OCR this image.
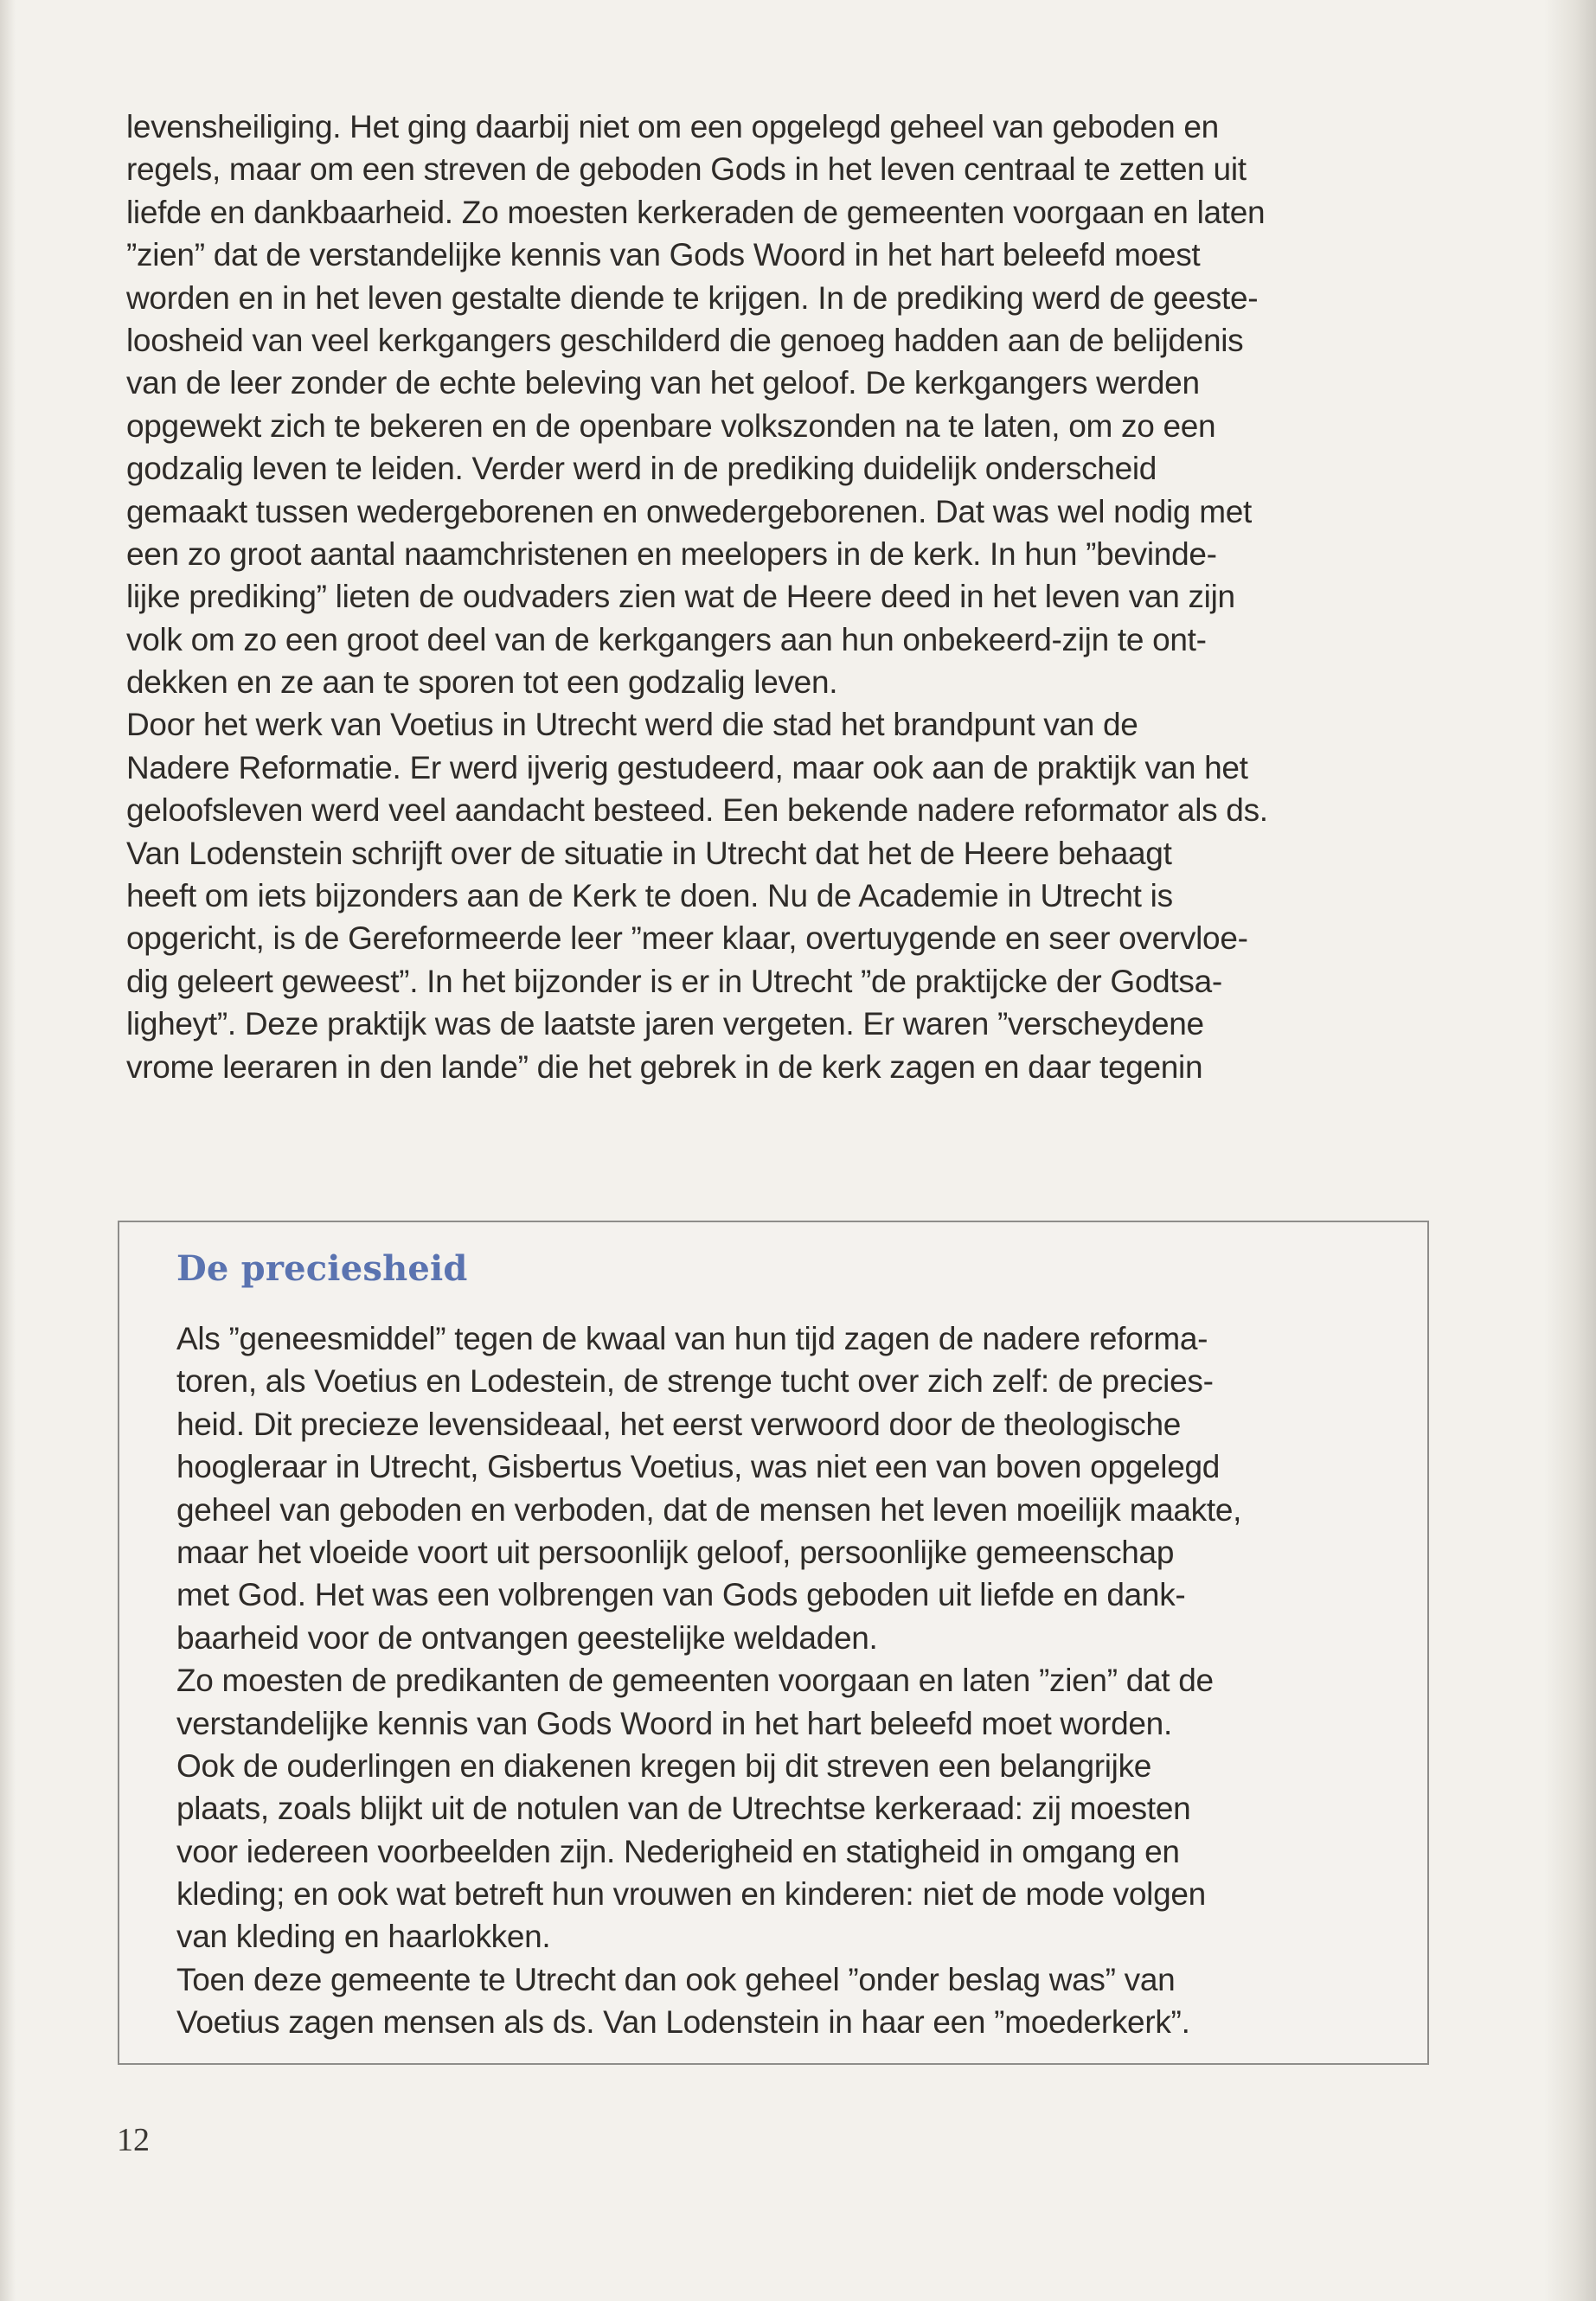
levensheiliging. Het ging daarbij niet om een opgelegd geheel van geboden en
regels, maar om een streven de geboden Gods in het leven centraal te zetten uit
liefde en dankbaarheid. Zo moesten kerkeraden de gemeenten voorgaan en laten
”zien” dat de verstandelijke kennis van Gods Woord in het hart beleefd moest
worden en in het leven gestalte diende te krijgen. In de prediking werd de geeste-
loosheid van veel kerkgangers geschilderd die genoeg hadden aan de belijdenis
van de leer zonder de echte beleving van het geloof. De kerkgangers werden
opgewekt zich te bekeren en de openbare volkszonden na te laten, om zo een
godzalig leven te leiden. Verder werd in de prediking duidelijk onderscheid
gemaakt tussen wedergeborenen en onwedergeborenen. Dat was wel nodig met
een zo groot aantal naamchristenen en meelopers in de kerk. In hun ”bevinde-
lijke prediking” lieten de oudvaders zien wat de Heere deed in het leven van zijn
volk om zo een groot deel van de kerkgangers aan hun onbekeerd-zijn te ont-
dekken en ze aan te sporen tot een godzalig leven.
Door het werk van Voetius in Utrecht werd die stad het brandpunt van de
Nadere Reformatie. Er werd ijverig gestudeerd, maar ook aan de praktijk van het
geloofsleven werd veel aandacht besteed. Een bekende nadere reformator als ds.
Van Lodenstein schrijft over de situatie in Utrecht dat het de Heere behaagt
heeft om iets bijzonders aan de Kerk te doen. Nu de Academie in Utrecht is
opgericht, is de Gereformeerde leer ”meer klaar, overtuygende en seer overvloe-
dig geleert geweest”. In het bijzonder is er in Utrecht ”de praktijcke der Godtsa-
ligheyt”. Deze praktijk was de laatste jaren vergeten. Er waren ”verscheydene
vrome leeraren in den lande” die het gebrek in de kerk zagen en daar tegenin
De preciesheid
Als ”geneesmiddel” tegen de kwaal van hun tijd zagen de nadere reforma-
toren, als Voetius en Lodestein, de strenge tucht over zich zelf: de precies-
heid. Dit precieze levensideaal, het eerst verwoord door de theologische
hoogleraar in Utrecht, Gisbertus Voetius, was niet een van boven opgelegd
geheel van geboden en verboden, dat de mensen het leven moeilijk maakte,
maar het vloeide voort uit persoonlijk geloof, persoonlijke gemeenschap
met God. Het was een volbrengen van Gods geboden uit liefde en dank-
baarheid voor de ontvangen geestelijke weldaden.
Zo moesten de predikanten de gemeenten voorgaan en laten ”zien” dat de
verstandelijke kennis van Gods Woord in het hart beleefd moet worden.
Ook de ouderlingen en diakenen kregen bij dit streven een belangrijke
plaats, zoals blijkt uit de notulen van de Utrechtse kerkeraad: zij moesten
voor iedereen voorbeelden zijn. Nederigheid en statigheid in omgang en
kleding; en ook wat betreft hun vrouwen en kinderen: niet de mode volgen
van kleding en haarlokken.
Toen deze gemeente te Utrecht dan ook geheel ”onder beslag was” van
Voetius zagen mensen als ds. Van Lodenstein in haar een ”moederkerk”.
12
